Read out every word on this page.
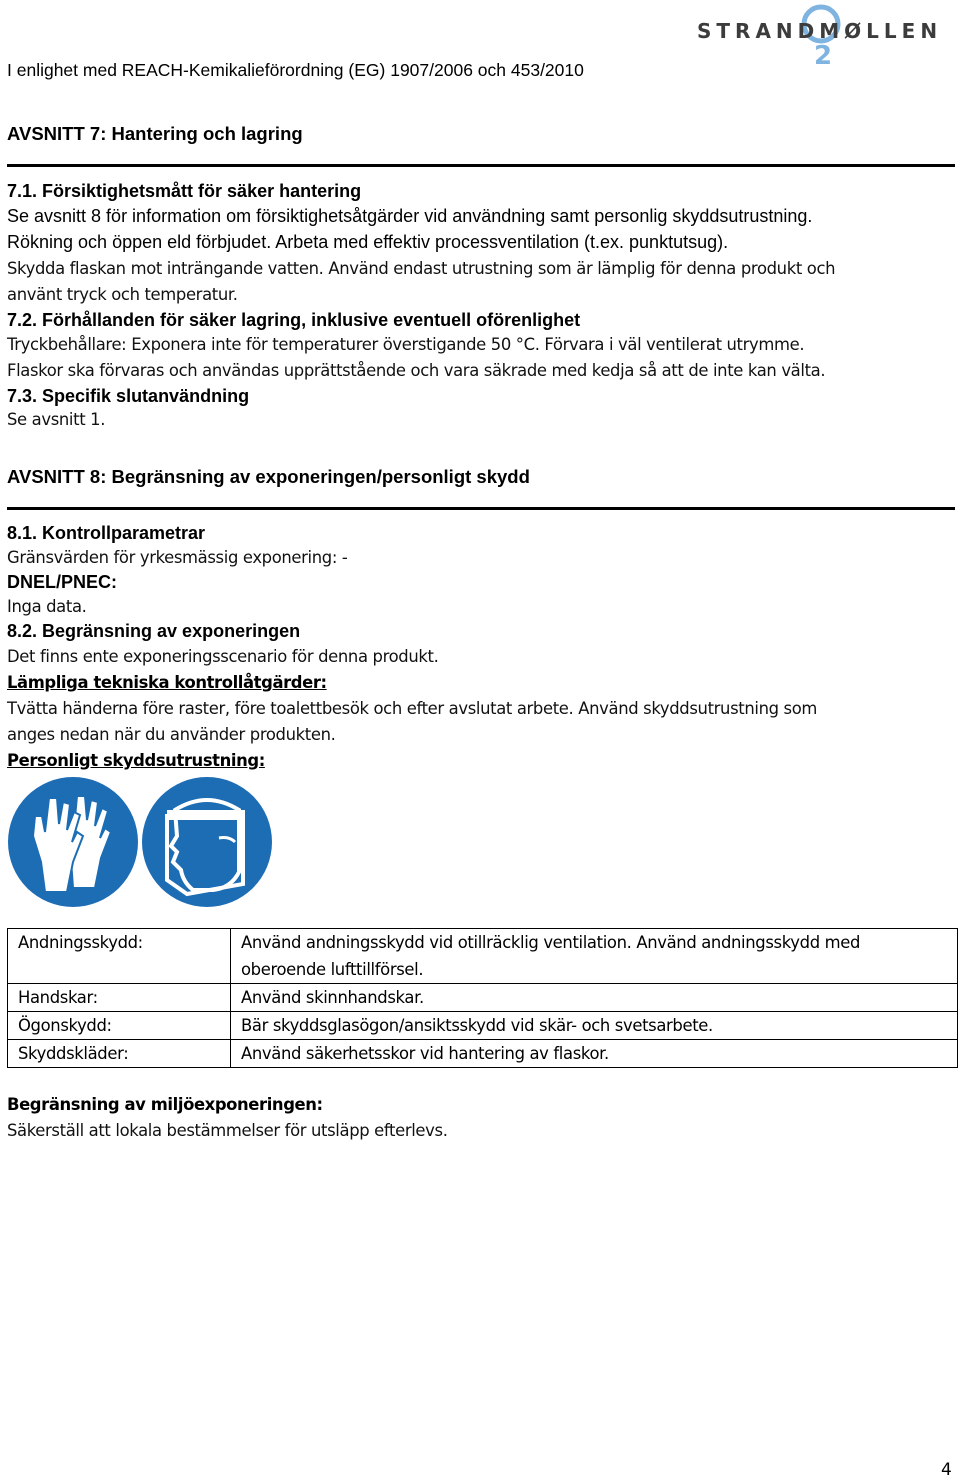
I enlighet med REACH-Kemikalieförordning (EG) 1907/2006 och 453/2010	2
STRANDMØLLEN
AVSNITT 7: Hantering och lagring
7.1. Försiktighetsmått för säker hantering
Se avsnitt 8 för information om försiktighetsåtgärder vid användning samt personlig skyddsutrustning.
Rökning och öppen eld förbjudet. Arbeta med effektiv processventilation (t.ex. punktutsug).
Skydda flaskan mot inträngande vatten. Använd endast utrustning som är lämplig för denna produkt och
använt tryck och temperatur.
7.2. Förhållanden för säker lagring, inklusive eventuell oförenlighet
Tryckbehållare: Exponera inte för temperaturer överstigande 50 °C. Förvara i väl ventilerat utrymme.
Flaskor ska förvaras och användas upprättstående och vara säkrade med kedja så att de inte kan välta.
7.3. Specifik slutanvändning
Se avsnitt 1.
AVSNITT 8: Begränsning av exponeringen/personligt skydd
8.1. Kontrollparametrar
Gränsvärden för yrkesmässig exponering: -
DNEL/PNEC:
Inga data.
8.2. Begränsning av exponeringen
Det finns ente exponeringsscenario för denna produkt.
Lämpliga tekniska kontrollåtgärder:
Tvätta händerna före raster, före toalettbesök och efter avslutat arbete. Använd skyddsutrustning som
anges nedan när du använder produkten.
Personligt skyddsutrustning:
Andningsskydd:	Använd andningsskydd vid otillräcklig ventilation. Använd andningsskydd med oberoende lufttillförsel.
Handskar:	Använd skinnhandskar.
Ögonskydd:	Bär skyddsglasögon/ansiktsskydd vid skär- och svetsarbete.
Skyddskläder:	Använd säkerhetsskor vid hantering av flaskor.
Begränsning av miljöexponeringen:
Säkerställ att lokala bestämmelser för utsläpp efterlevs.
4
